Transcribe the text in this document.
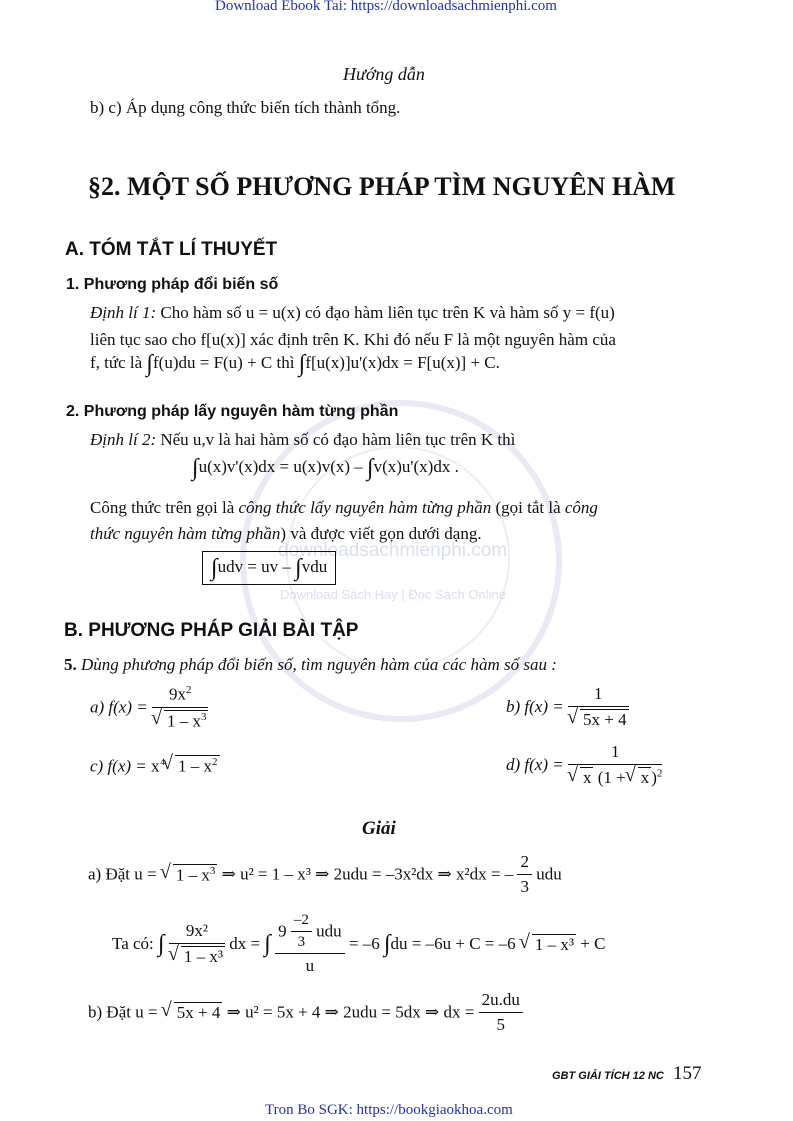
downloadsachmienphi.com
Download Sách Hay | Đọc Sách Online
Download Ebook Tai: https://downloadsachmienphi.com
Hướng dẫn
b) c) Áp dụng công thức biến tích thành tổng.
§2. MỘT SỐ PHƯƠNG PHÁP TÌM NGUYÊN HÀM
A. TÓM TẮT LÍ THUYẾT
1. Phương pháp đổi biến số
Định lí 1: Cho hàm số u = u(x) có đạo hàm liên tục trên K và hàm số y = f(u)
liên tục sao cho f[u(x)] xác định trên K. Khi đó nếu F là một nguyên hàm của
f, tức là ∫f(u)du = F(u) + C thì ∫f[u(x)]u'(x)dx = F[u(x)] + C.
2. Phương pháp lấy nguyên hàm từng phần
Định lí 2: Nếu u,v là hai hàm số có đạo hàm liên tục trên K thì
∫u(x)v'(x)dx = u(x)v(x) – ∫v(x)u'(x)dx .
Công thức trên gọi là công thức lấy nguyên hàm từng phần (gọi tắt là công
thức nguyên hàm từng phần) và được viết gọn dưới dạng.
∫udv = uv – ∫vdu
B. PHƯƠNG PHÁP GIẢI BÀI TẬP
5. Dùng phương pháp đổi biến số, tìm nguyên hàm của các hàm số sau :
a) $f(x) = 9x^2$
√ $1 - x^3$	b) f(x) = 1
√ 5x + 4
c) $f(x) = x^4$ √ $1 - x^2$	d) f(x) = 1
√ x (1 + √ x )$^2$
Giải
a) Đặt u = √ $1 - x^3$ ⇒ u² = 1 – x³ ⇒ 2udu = –3x²dx ⇒ x²dx = – $\frac{2}{3}$ udu
Ta có: ∫ 9x²
√ 1 – x³ dx = ∫ $\frac{9 \frac{-2}{3} udu}{u} = -6$ ∫du = –6u + C = –6 √ 1 – x³ + C
b) Đặt u = √ 5x + 4 ⇒ u² = 5x + 4 ⇒ 2udu = 5dx ⇒ dx = $\frac{2u.du}{5}$
GBT GIẢI TÍCH 12 NC 157
Tron Bo SGK: https://bookgiaokhoa.com
